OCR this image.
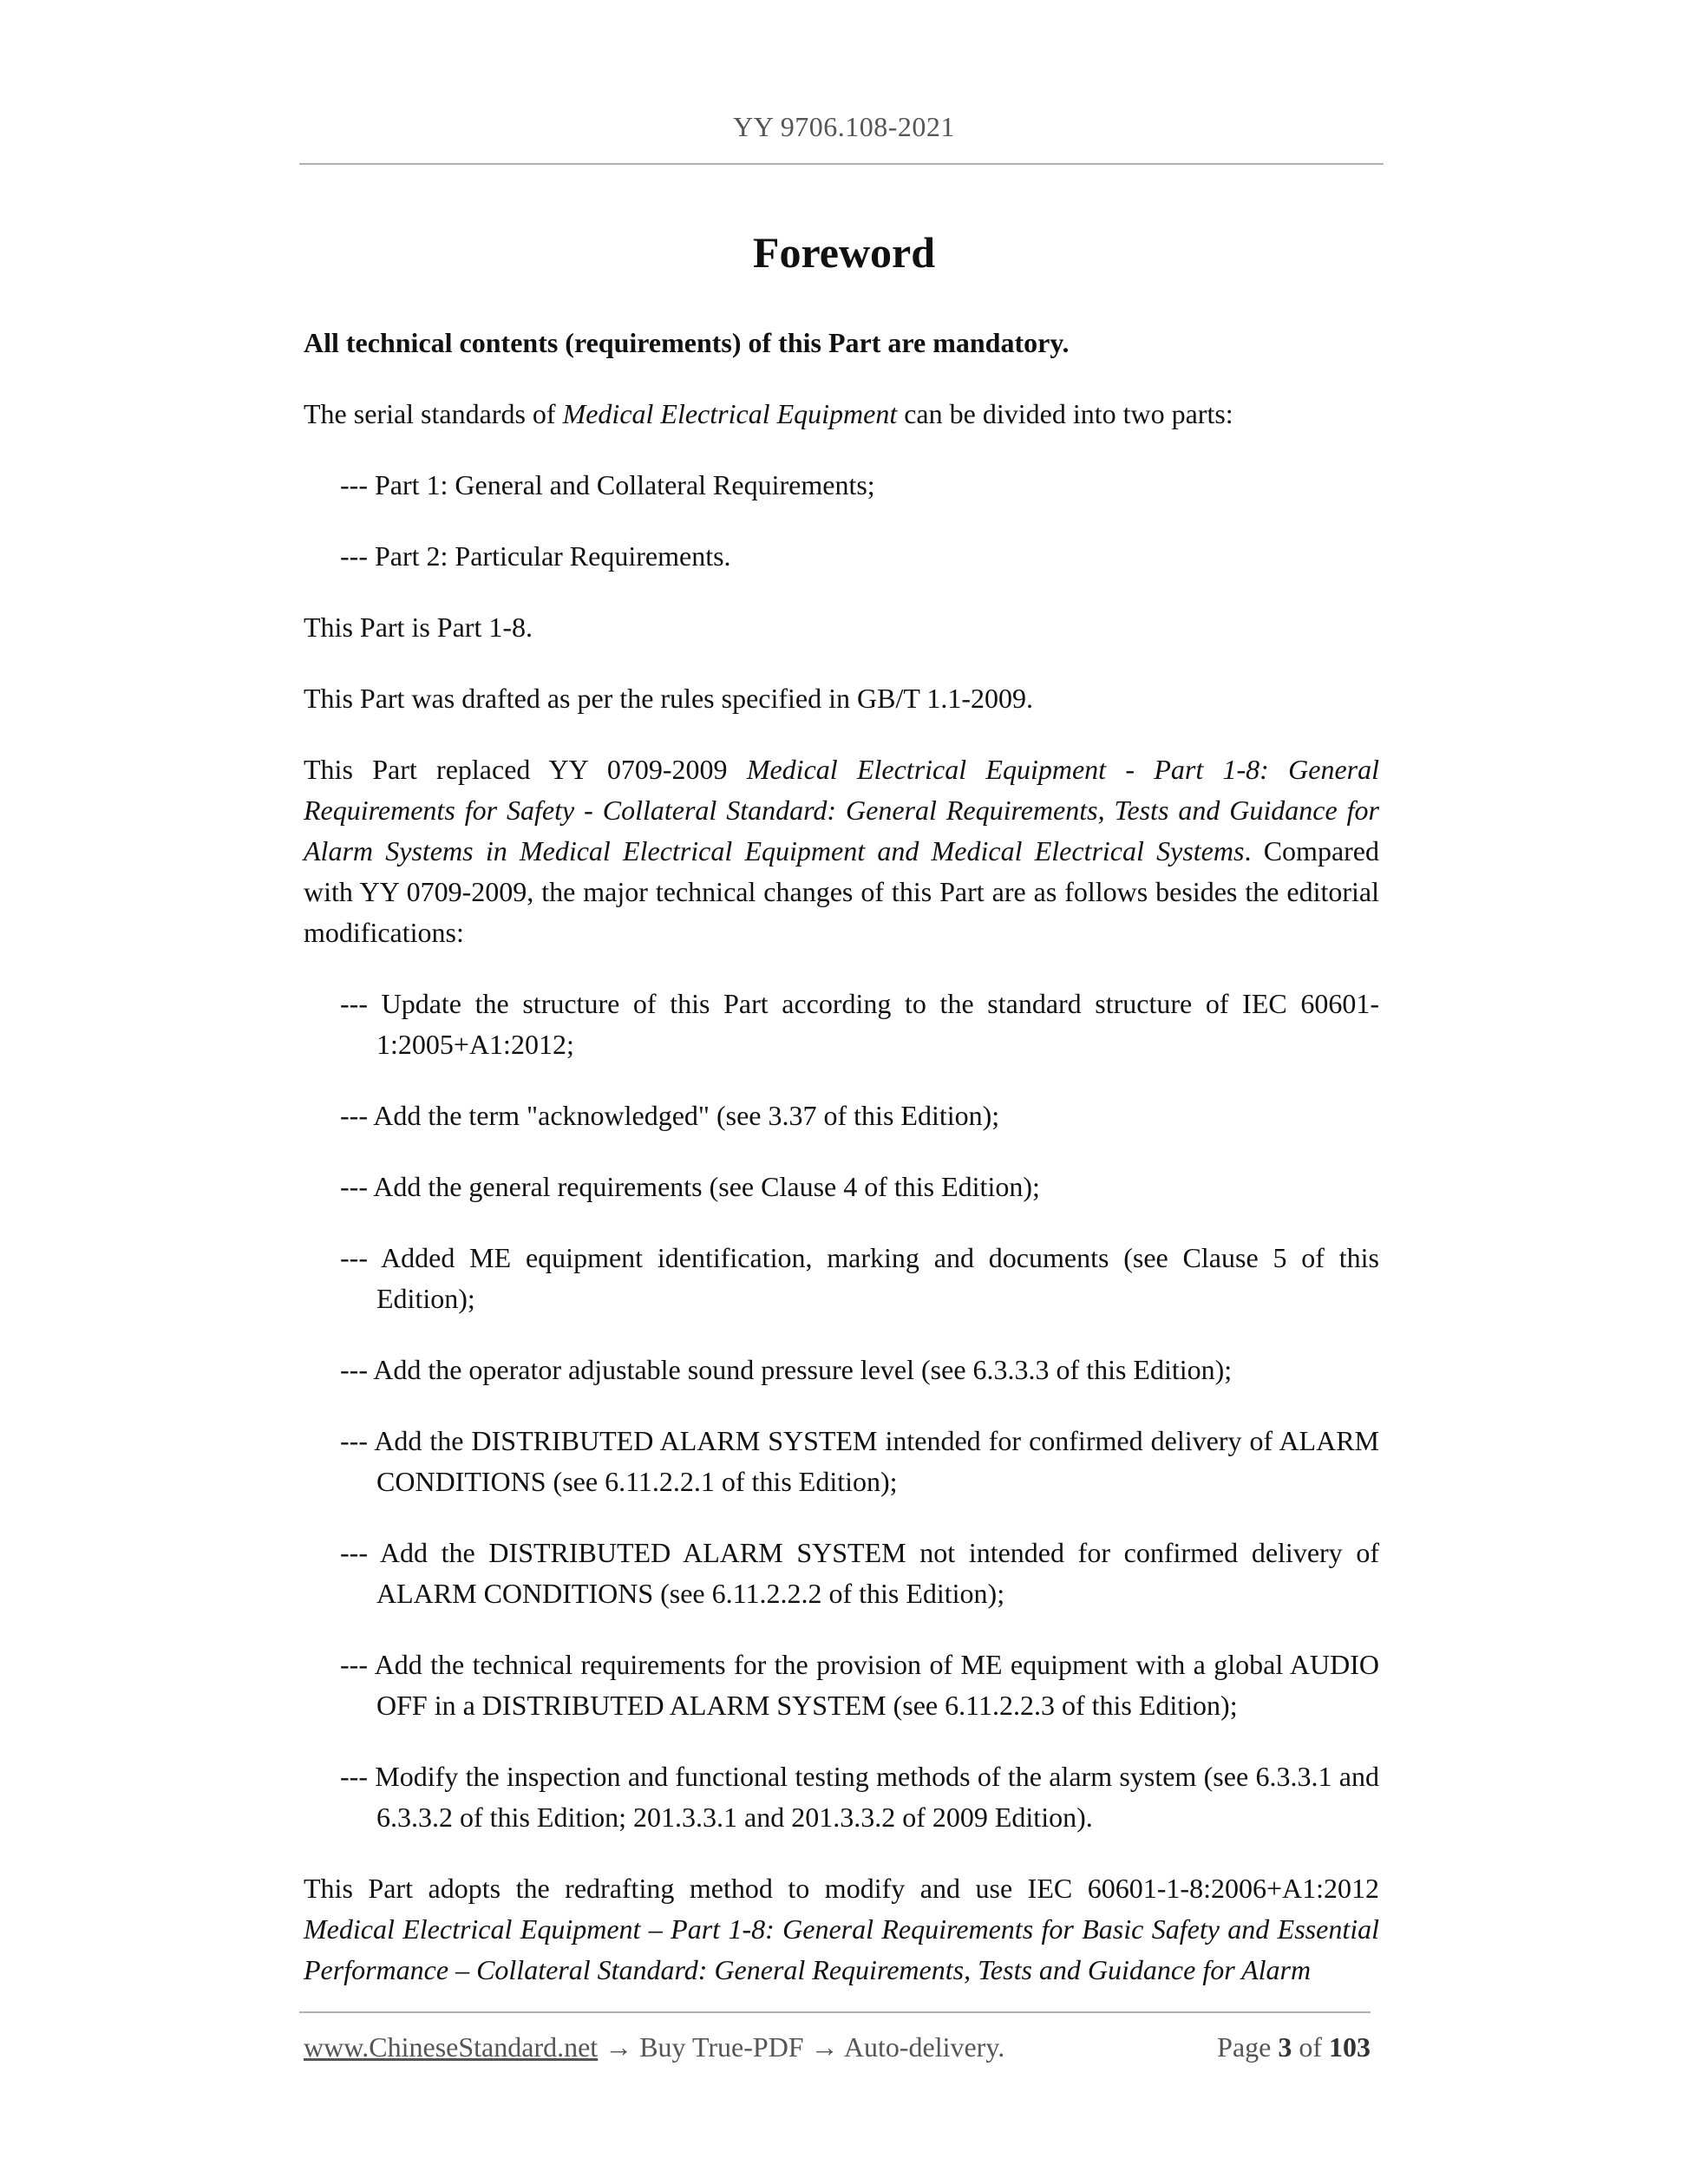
YY 9706.108-2021
Foreword

All technical contents (requirements) of this Part are mandatory.

The serial standards of Medical Electrical Equipment can be divided into two parts:

--- Part 1: General and Collateral Requirements;
--- Part 2: Particular Requirements.

This Part is Part 1-8.

This Part was drafted as per the rules specified in GB/T 1.1-2009.

This Part replaced YY 0709-2009 Medical Electrical Equipment - Part 1-8: General Requirements for Safety - Collateral Standard: General Requirements, Tests and Guidance for Alarm Systems in Medical Electrical Equipment and Medical Electrical Systems. Compared with YY 0709-2009, the major technical changes of this Part are as follows besides the editorial modifications:

--- Update the structure of this Part according to the standard structure of IEC 60601-1:2005+A1:2012;
--- Add the term "acknowledged" (see 3.37 of this Edition);
--- Add the general requirements (see Clause 4 of this Edition);
--- Added ME equipment identification, marking and documents (see Clause 5 of this Edition);
--- Add the operator adjustable sound pressure level (see 6.3.3.3 of this Edition);
--- Add the DISTRIBUTED ALARM SYSTEM intended for confirmed delivery of ALARM CONDITIONS (see 6.11.2.2.1 of this Edition);
--- Add the DISTRIBUTED ALARM SYSTEM not intended for confirmed delivery of ALARM CONDITIONS (see 6.11.2.2.2 of this Edition);
--- Add the technical requirements for the provision of ME equipment with a global AUDIO OFF in a DISTRIBUTED ALARM SYSTEM (see 6.11.2.2.3 of this Edition);
--- Modify the inspection and functional testing methods of the alarm system (see 6.3.3.1 and 6.3.3.2 of this Edition; 201.3.3.1 and 201.3.3.2 of 2009 Edition).

This Part adopts the redrafting method to modify and use IEC 60601-1-8:2006+A1:2012 Medical Electrical Equipment – Part 1-8: General Requirements for Basic Safety and Essential Performance – Collateral Standard: General Requirements, Tests and Guidance for Alarm

www.ChineseStandard.net → Buy True-PDF → Auto-delivery.	Page 3 of 103
